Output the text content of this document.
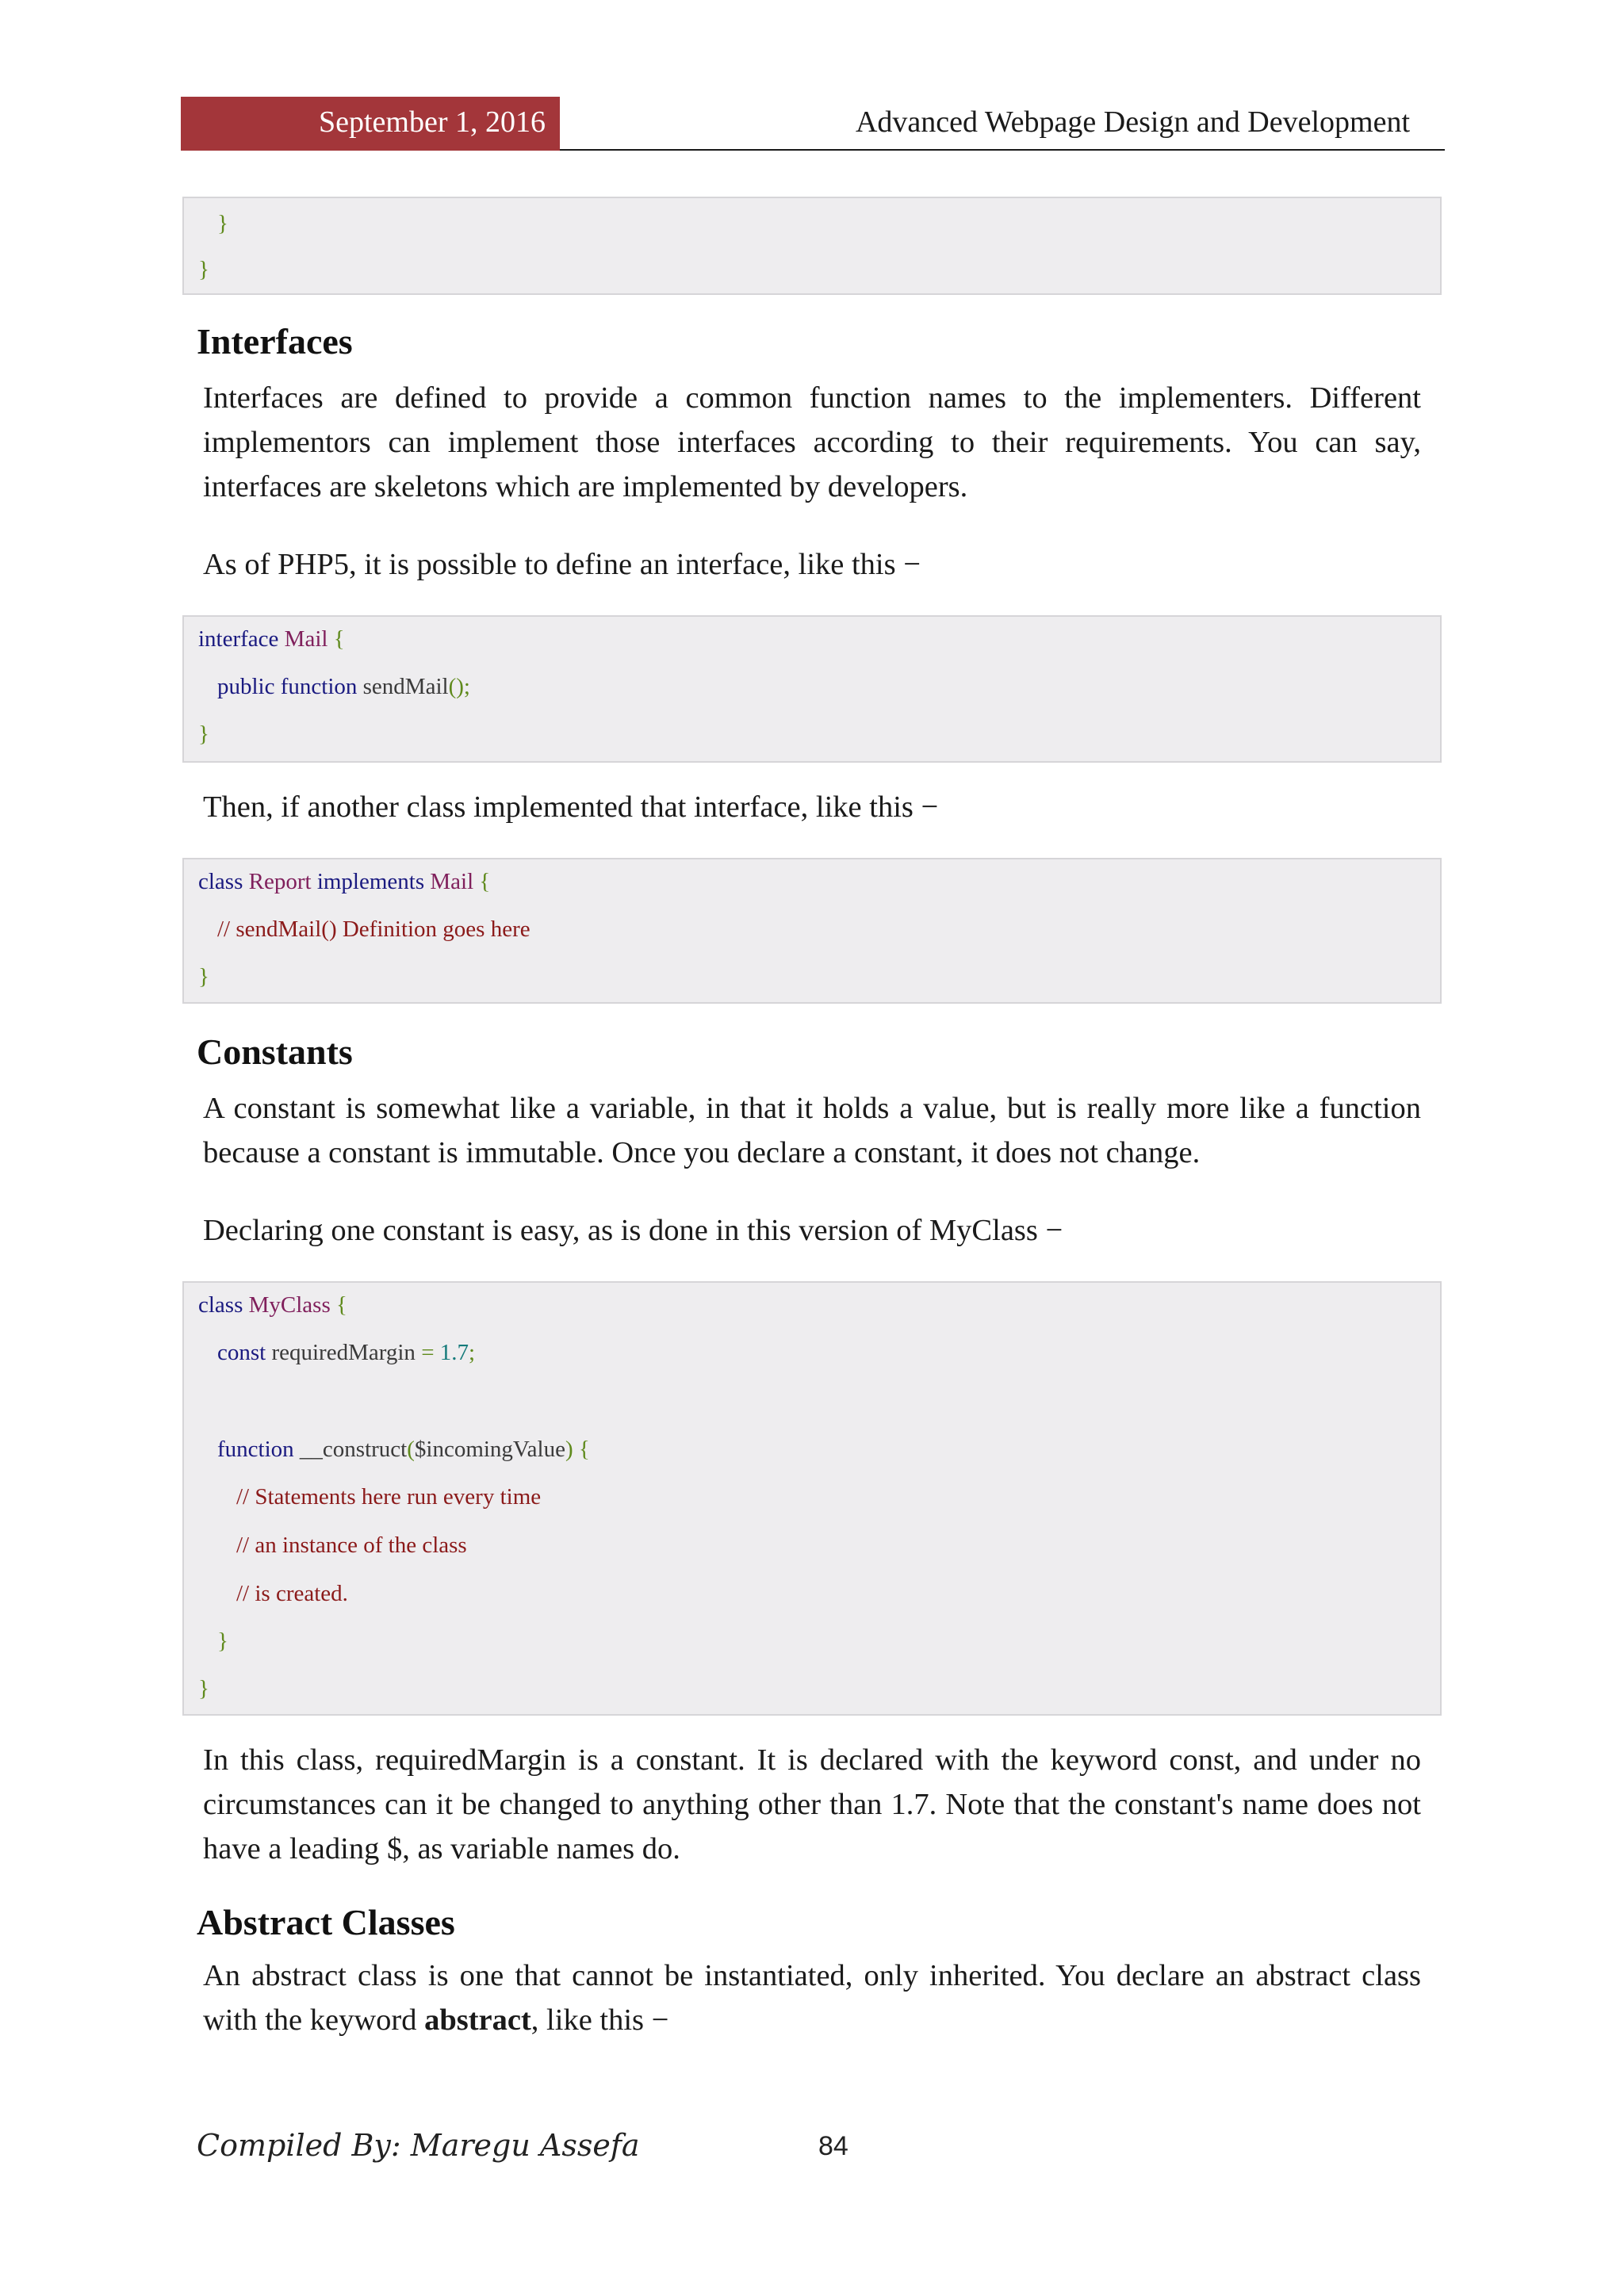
September 1, 2016	Advanced Webpage Design and Development
}
}
Interfaces
Interfaces are defined to provide a common function names to the implementers. Different implementors can implement those interfaces according to their requirements. You can say, interfaces are skeletons which are implemented by developers.
As of PHP5, it is possible to define an interface, like this −
interface Mail {
public function sendMail();
}
Then, if another class implemented that interface, like this −
class Report implements Mail {
// sendMail() Definition goes here
}
Constants
A constant is somewhat like a variable, in that it holds a value, but is really more like a function because a constant is immutable. Once you declare a constant, it does not change.
Declaring one constant is easy, as is done in this version of MyClass −
class MyClass {
const requiredMargin = 1.7;
function __construct($incomingValue) {
// Statements here run every time
// an instance of the class
// is created.
}
}
In this class, requiredMargin is a constant. It is declared with the keyword const, and under no circumstances can it be changed to anything other than 1.7. Note that the constant's name does not have a leading $, as variable names do.
Abstract Classes
An abstract class is one that cannot be instantiated, only inherited. You declare an abstract class with the keyword abstract, like this −
Compiled By: Maregu Assefa	84
